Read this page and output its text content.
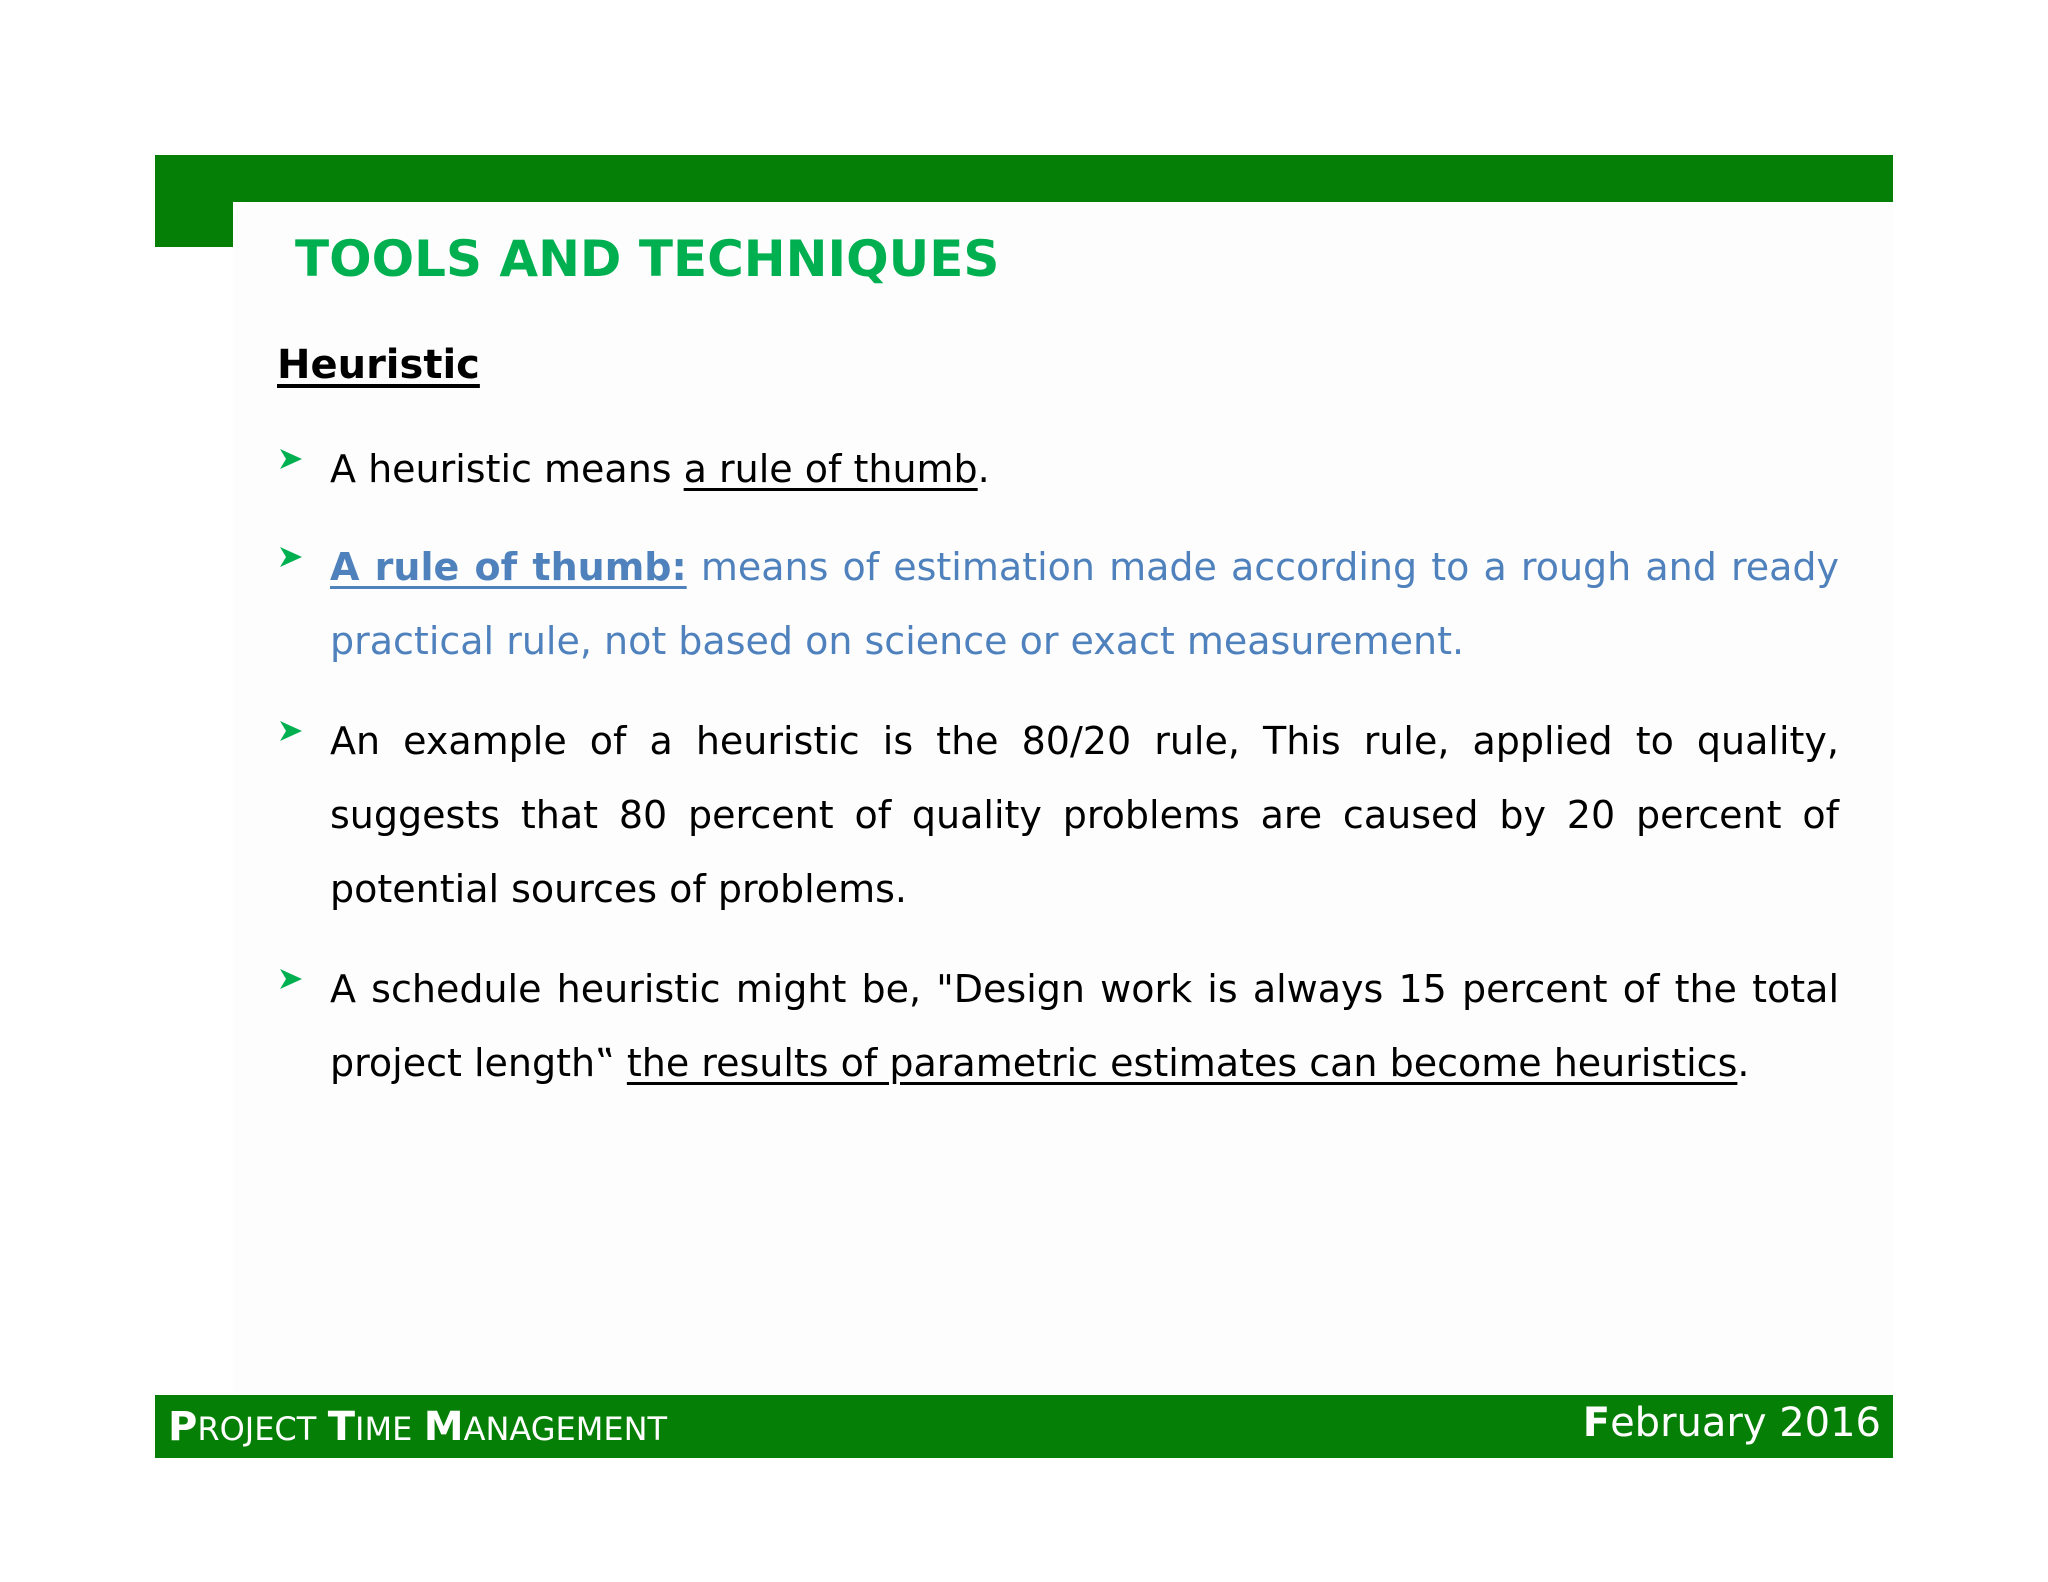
TOOLS AND TECHNIQUES
Heuristic
A heuristic means a rule of thumb.
A rule of thumb: means of estimation made according to a rough and ready practical rule, not based on science or exact measurement.
An example of a heuristic is the 80/20 rule, This rule, applied to quality, suggests that 80 percent of quality problems are caused by 20 percent of potential sources of problems.
A schedule heuristic might be, "Design work is always 15 percent of the total project length‟ the results of parametric estimates can become heuristics.
PROJECT TIME MANAGEMENT	February 2016
